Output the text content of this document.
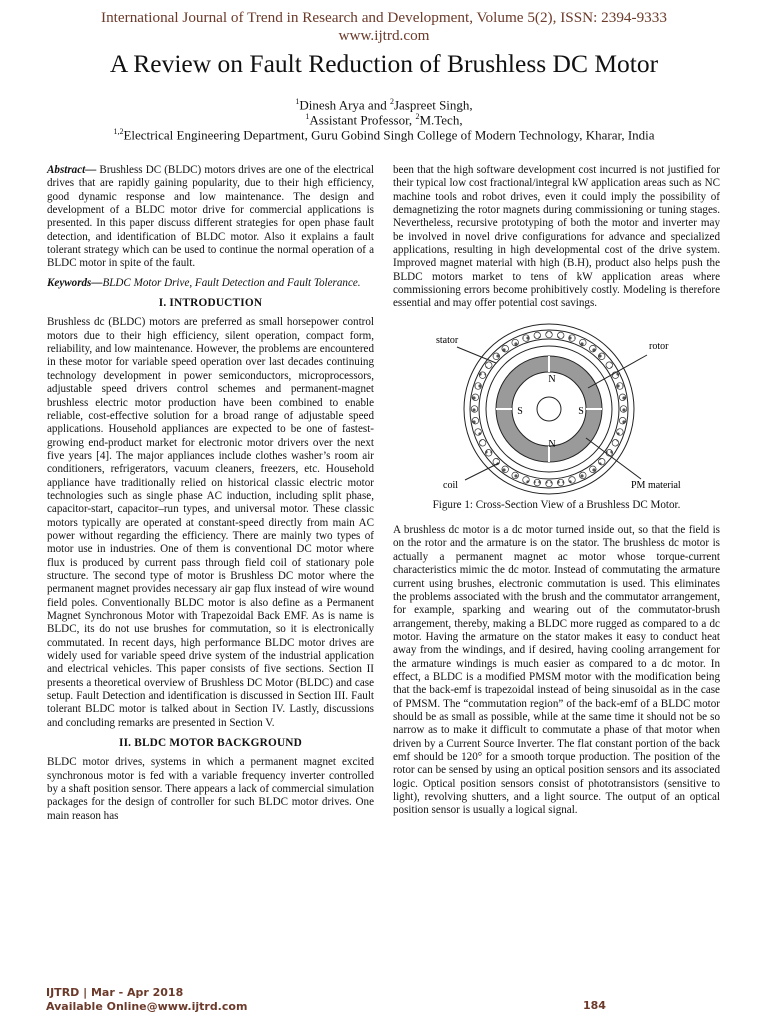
International Journal of Trend in Research and Development, Volume 5(2), ISSN: 2394-9333
www.ijtrd.com
A Review on Fault Reduction of Brushless DC Motor
$^1$Dinesh Arya and $^2$Jaspreet Singh,
$^1$Assistant Professor, $^2$M.Tech,
$^{1,2}$Electrical Engineering Department, Guru Gobind Singh College of Modern Technology, Kharar, India

Abstract— Brushless DC (BLDC) motors drives are one of the electrical drives that are rapidly gaining popularity, due to their high efficiency, good dynamic response and low maintenance. The design and development of a BLDC motor drive for commercial applications is presented. In this paper discuss different strategies for open phase fault detection, and identification of BLDC motor. Also it explains a fault tolerant strategy which can be used to continue the normal operation of a BLDC motor in spite of the fault.

Keywords—BLDC Motor Drive, Fault Detection and Fault Tolerance.

I. INTRODUCTION

Brushless dc (BLDC) motors are preferred as small horsepower control motors due to their high efficiency, silent operation, compact form, reliability, and low maintenance. However, the problems are encountered in these motor for variable speed operation over last decades continuing technology development in power semiconductors, microprocessors, adjustable speed drivers control schemes and permanent-magnet brushless electric motor production have been combined to enable reliable, cost-effective solution for a broad range of adjustable speed applications. Household appliances are expected to be one of fastest-growing end-product market for electronic motor drivers over the next five years [4]. The major appliances include clothes washer’s room air conditioners, refrigerators, vacuum cleaners, freezers, etc. Household appliance have traditionally relied on historical classic electric motor technologies such as single phase AC induction, including split phase, capacitor-start, capacitor–run types, and universal motor. These classic motors typically are operated at constant-speed directly from main AC power without regarding the efficiency. There are mainly two types of motor use in industries. One of them is conventional DC motor where flux is produced by current pass through field coil of stationary pole structure. The second type of motor is Brushless DC motor where the permanent magnet provides necessary air gap flux instead of wire wound field poles. Conventionally BLDC motor is also define as a Permanent Magnet Synchronous Motor with Trapezoidal Back EMF. As is name is BLDC, its do not use brushes for commutation, so it is electronically commutated. In recent days, high performance BLDC motor drives are widely used for variable speed drive system of the industrial application and electrical vehicles. This paper consists of five sections. Section II presents a theoretical overview of Brushless DC Motor (BLDC) and case setup. Fault Detection and identification is discussed in Section III. Fault tolerant BLDC motor is talked about in Section IV. Lastly, discussions and concluding remarks are presented in Section V.

II. BLDC MOTOR BACKGROUND

BLDC motor drives, systems in which a permanent magnet excited synchronous motor is fed with a variable frequency inverter controlled by a shaft position sensor. There appears a lack of commercial simulation packages for the design of controller for such BLDC motor drives. One main reason has

been that the high software development cost incurred is not justified for their typical low cost fractional/integral kW application areas such as NC machine tools and robot drives, even it could imply the possibility of demagnetizing the rotor magnets during commissioning or tuning stages. Nevertheless, recursive prototyping of both the motor and inverter may be involved in novel drive configurations for advance and specialized applications, resulting in high developmental cost of the drive system. Improved magnet material with high (B.H), product also helps push the BLDC motors market to tens of kW application areas where commissioning errors become prohibitively costly. Modeling is therefore essential and may offer potential cost savings.

N
N
S	S
stator
rotor
coil	PM material

Figure 1: Cross-Section View of a Brushless DC Motor.

A brushless dc motor is a dc motor turned inside out, so that the field is on the rotor and the armature is on the stator. The brushless dc motor is actually a permanent magnet ac motor whose torque-current characteristics mimic the dc motor. Instead of commutating the armature current using brushes, electronic commutation is used. This eliminates the problems associated with the brush and the commutator arrangement, for example, sparking and wearing out of the commutator-brush arrangement, thereby, making a BLDC more rugged as compared to a dc motor. Having the armature on the stator makes it easy to conduct heat away from the windings, and if desired, having cooling arrangement for the armature windings is much easier as compared to a dc motor. In effect, a BLDC is a modified PMSM motor with the modification being that the back-emf is trapezoidal instead of being sinusoidal as in the case of PMSM. The “commutation region” of the back-emf of a BLDC motor should be as small as possible, while at the same time it should not be so narrow as to make it difficult to commutate a phase of that motor when driven by a Current Source Inverter. The flat constant portion of the back emf should be 120° for a smooth torque production. The position of the rotor can be sensed by using an optical position sensors and its associated logic. Optical position sensors consist of phototransistors (sensitive to light), revolving shutters, and a light source. The output of an optical position sensor is usually a logical signal.

IJTRD | Mar - Apr 2018
Available Online@www.ijtrd.com	184
